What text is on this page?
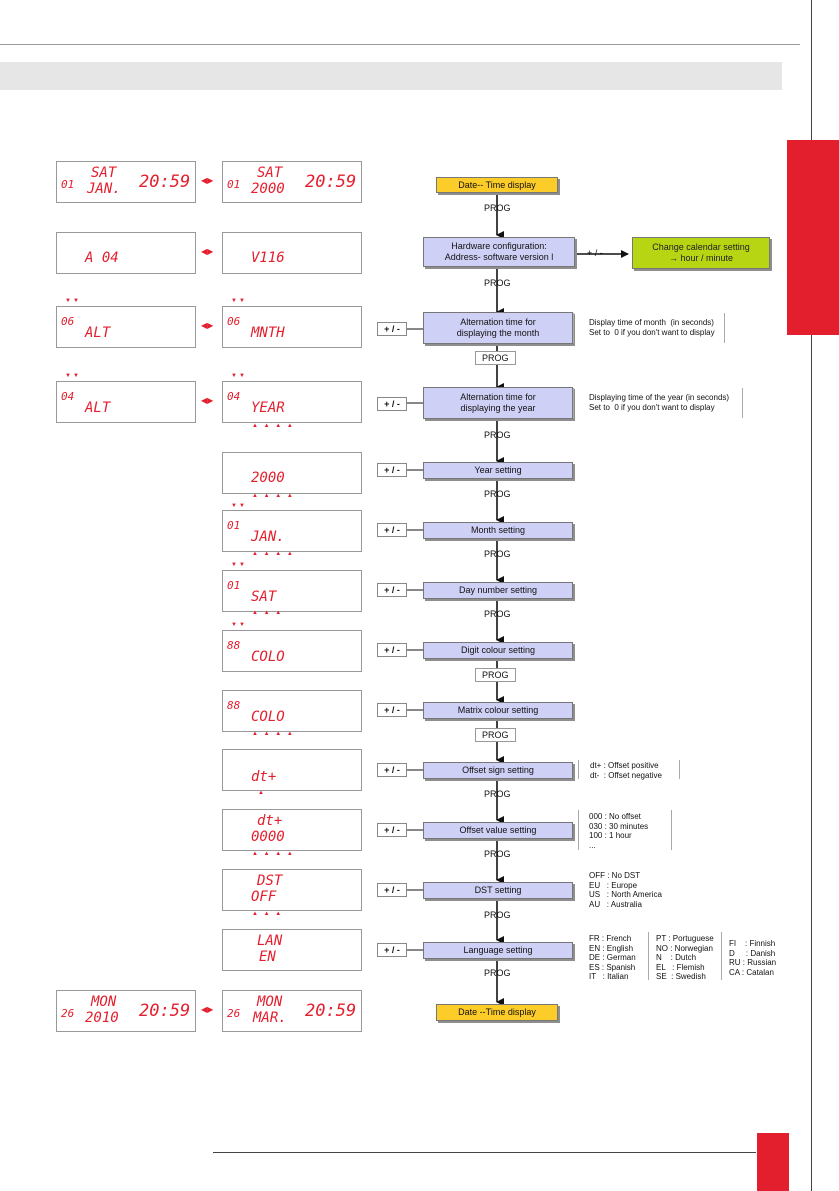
01
SAT
JAN. 20:59 ◀▶ 01
SAT
2000 20:59
A 04	◀▶	V116
▼▼
06
ALT	◀▶
▼▼
06
MNTH
▼▼
04
ALT	◀▶
▼▼
04
YEAR
▲ ▲ ▲ ▲
2000
▲ ▲ ▲ ▲
▼▼
01
JAN.
▲ ▲ ▲ ▲
▼▼
01
SAT
▲ ▲ ▲
▼▼
88
COLO
88
COLO
▲ ▲ ▲ ▲
dt+
▲
dt+
0000
▲ ▲ ▲ ▲
DST
OFF
▲ ▲ ▲
LAN
EN
26
MON
2010 20:59 ◀▶ 26
MON
MAR. 20:59
Date-- Time display
PROG
Hardware configuration:
Address- software version l	+ / -
Change calendar setting
→ hour / minute
PROG
+ / -
Alternation time for
displaying the month
Display time of month  (in seconds)
Set to  0 if you don't want to display
PROG
+ / -
Alternation time for
displaying the year
Displaying time of the year (in seconds)
Set to  0 if you don't want to display
PROG
+ / -	Year setting
PROG
+ / -	Month setting
PROG
+ / -	Day number setting
PROG
+ / -	Digit colour setting
PROG
+ / -	Matrix colour setting
PROG
+ / -	Offset sign setting	dt+ : Offset positive
dt-  : Offset negative
PROG
+ / -	Offset value setting
000 : No offset
030 : 30 minutes
100 : 1 hour
...
PROG
+ / -	DST setting
OFF : No DST
EU   : Europe
US   : North America
AU   : Australia
PROG
+ / -	Language setting
FR : French
EN : English
DE : German
ES : Spanish
IT   : Italian
PT : Portuguese
NO : Norwegian
N    : Dutch
EL   : Flemish
SE  : Swedish
FI    : Finnish
D     : Danish
RU : Russian
CA : Catalan
PROG
Date --Time display
